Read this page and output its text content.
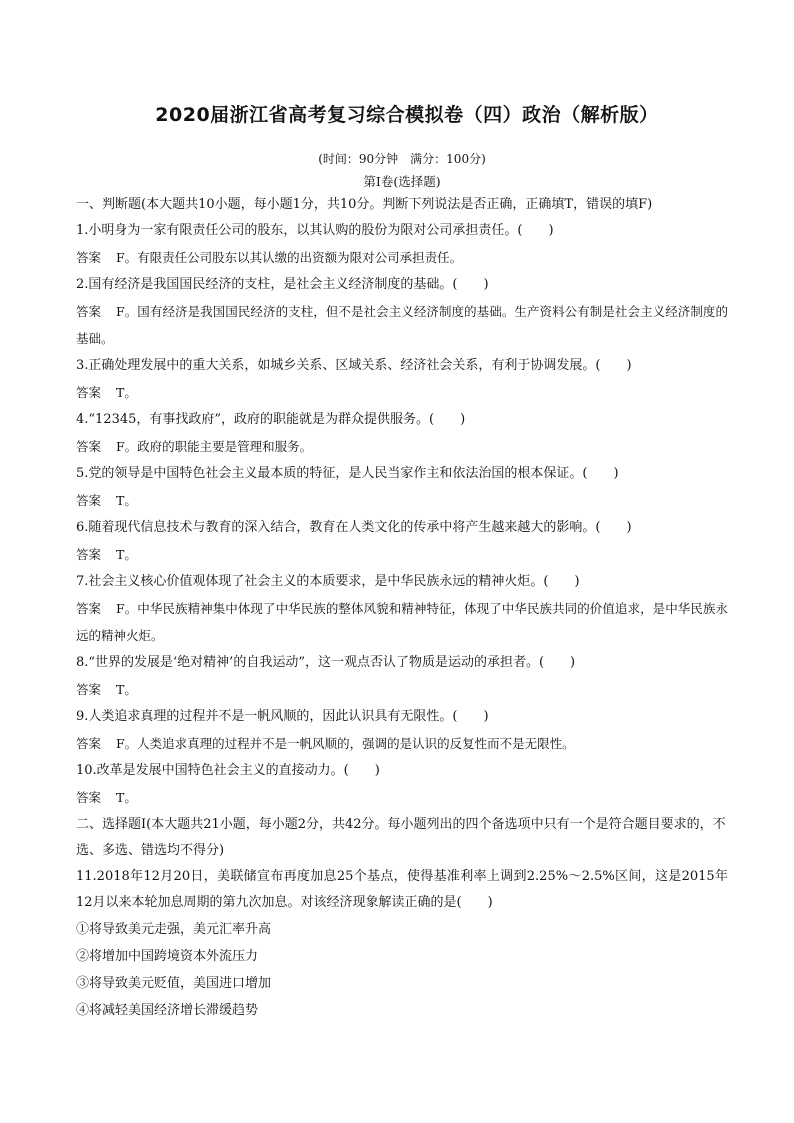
2020届浙江省高考复习综合模拟卷（四）政治（解析版）
(时间：90分钟　满分：100分)
第Ⅰ卷(选择题)

一、判断题(本大题共10小题，每小题1分，共10分。判断下列说法是否正确，正确填T，错误的填F)

1.小明身为一家有限责任公司的股东，以其认购的股份为限对公司承担责任。(　　)

答案 F。有限责任公司股东以其认缴的出资额为限对公司承担责任。

2.国有经济是我国国民经济的支柱，是社会主义经济制度的基础。(　　)

答案 F。国有经济是我国国民经济的支柱，但不是社会主义经济制度的基础。生产资料公有制是社会主义经济制度的基础。

3.正确处理发展中的重大关系，如城乡关系、区域关系、经济社会关系，有利于协调发展。(　　)

答案 T。

4.“12345，有事找政府”，政府的职能就是为群众提供服务。(　　)

答案 F。政府的职能主要是管理和服务。

5.党的领导是中国特色社会主义最本质的特征，是人民当家作主和依法治国的根本保证。(　　)

答案 T。

6.随着现代信息技术与教育的深入结合，教育在人类文化的传承中将产生越来越大的影响。(　　)

答案 T。

7.社会主义核心价值观体现了社会主义的本质要求，是中华民族永远的精神火炬。(　　)

答案 F。中华民族精神集中体现了中华民族的整体风貌和精神特征，体现了中华民族共同的价值追求，是中华民族永远的精神火炬。

8.“世界的发展是‘绝对精神’的自我运动”，这一观点否认了物质是运动的承担者。(　　)

答案 T。

9.人类追求真理的过程并不是一帆风顺的，因此认识具有无限性。(　　)

答案 F。人类追求真理的过程并不是一帆风顺的，强调的是认识的反复性而不是无限性。

10.改革是发展中国特色社会主义的直接动力。(　　)

答案 T。

二、选择题Ⅰ(本大题共21小题，每小题2分，共42分。每小题列出的四个备选项中只有一个是符合题目要求的，不选、多选、错选均不得分)

11.2018年12月20日，美联储宣布再度加息25个基点，使得基准利率上调到2.25%～2.5%区间，这是2015年12月以来本轮加息周期的第九次加息。对该经济现象解读正确的是(　　)

①将导致美元走强，美元汇率升高

②将增加中国跨境资本外流压力

③将导致美元贬值，美国进口增加

④将减轻美国经济增长滞缓趋势
